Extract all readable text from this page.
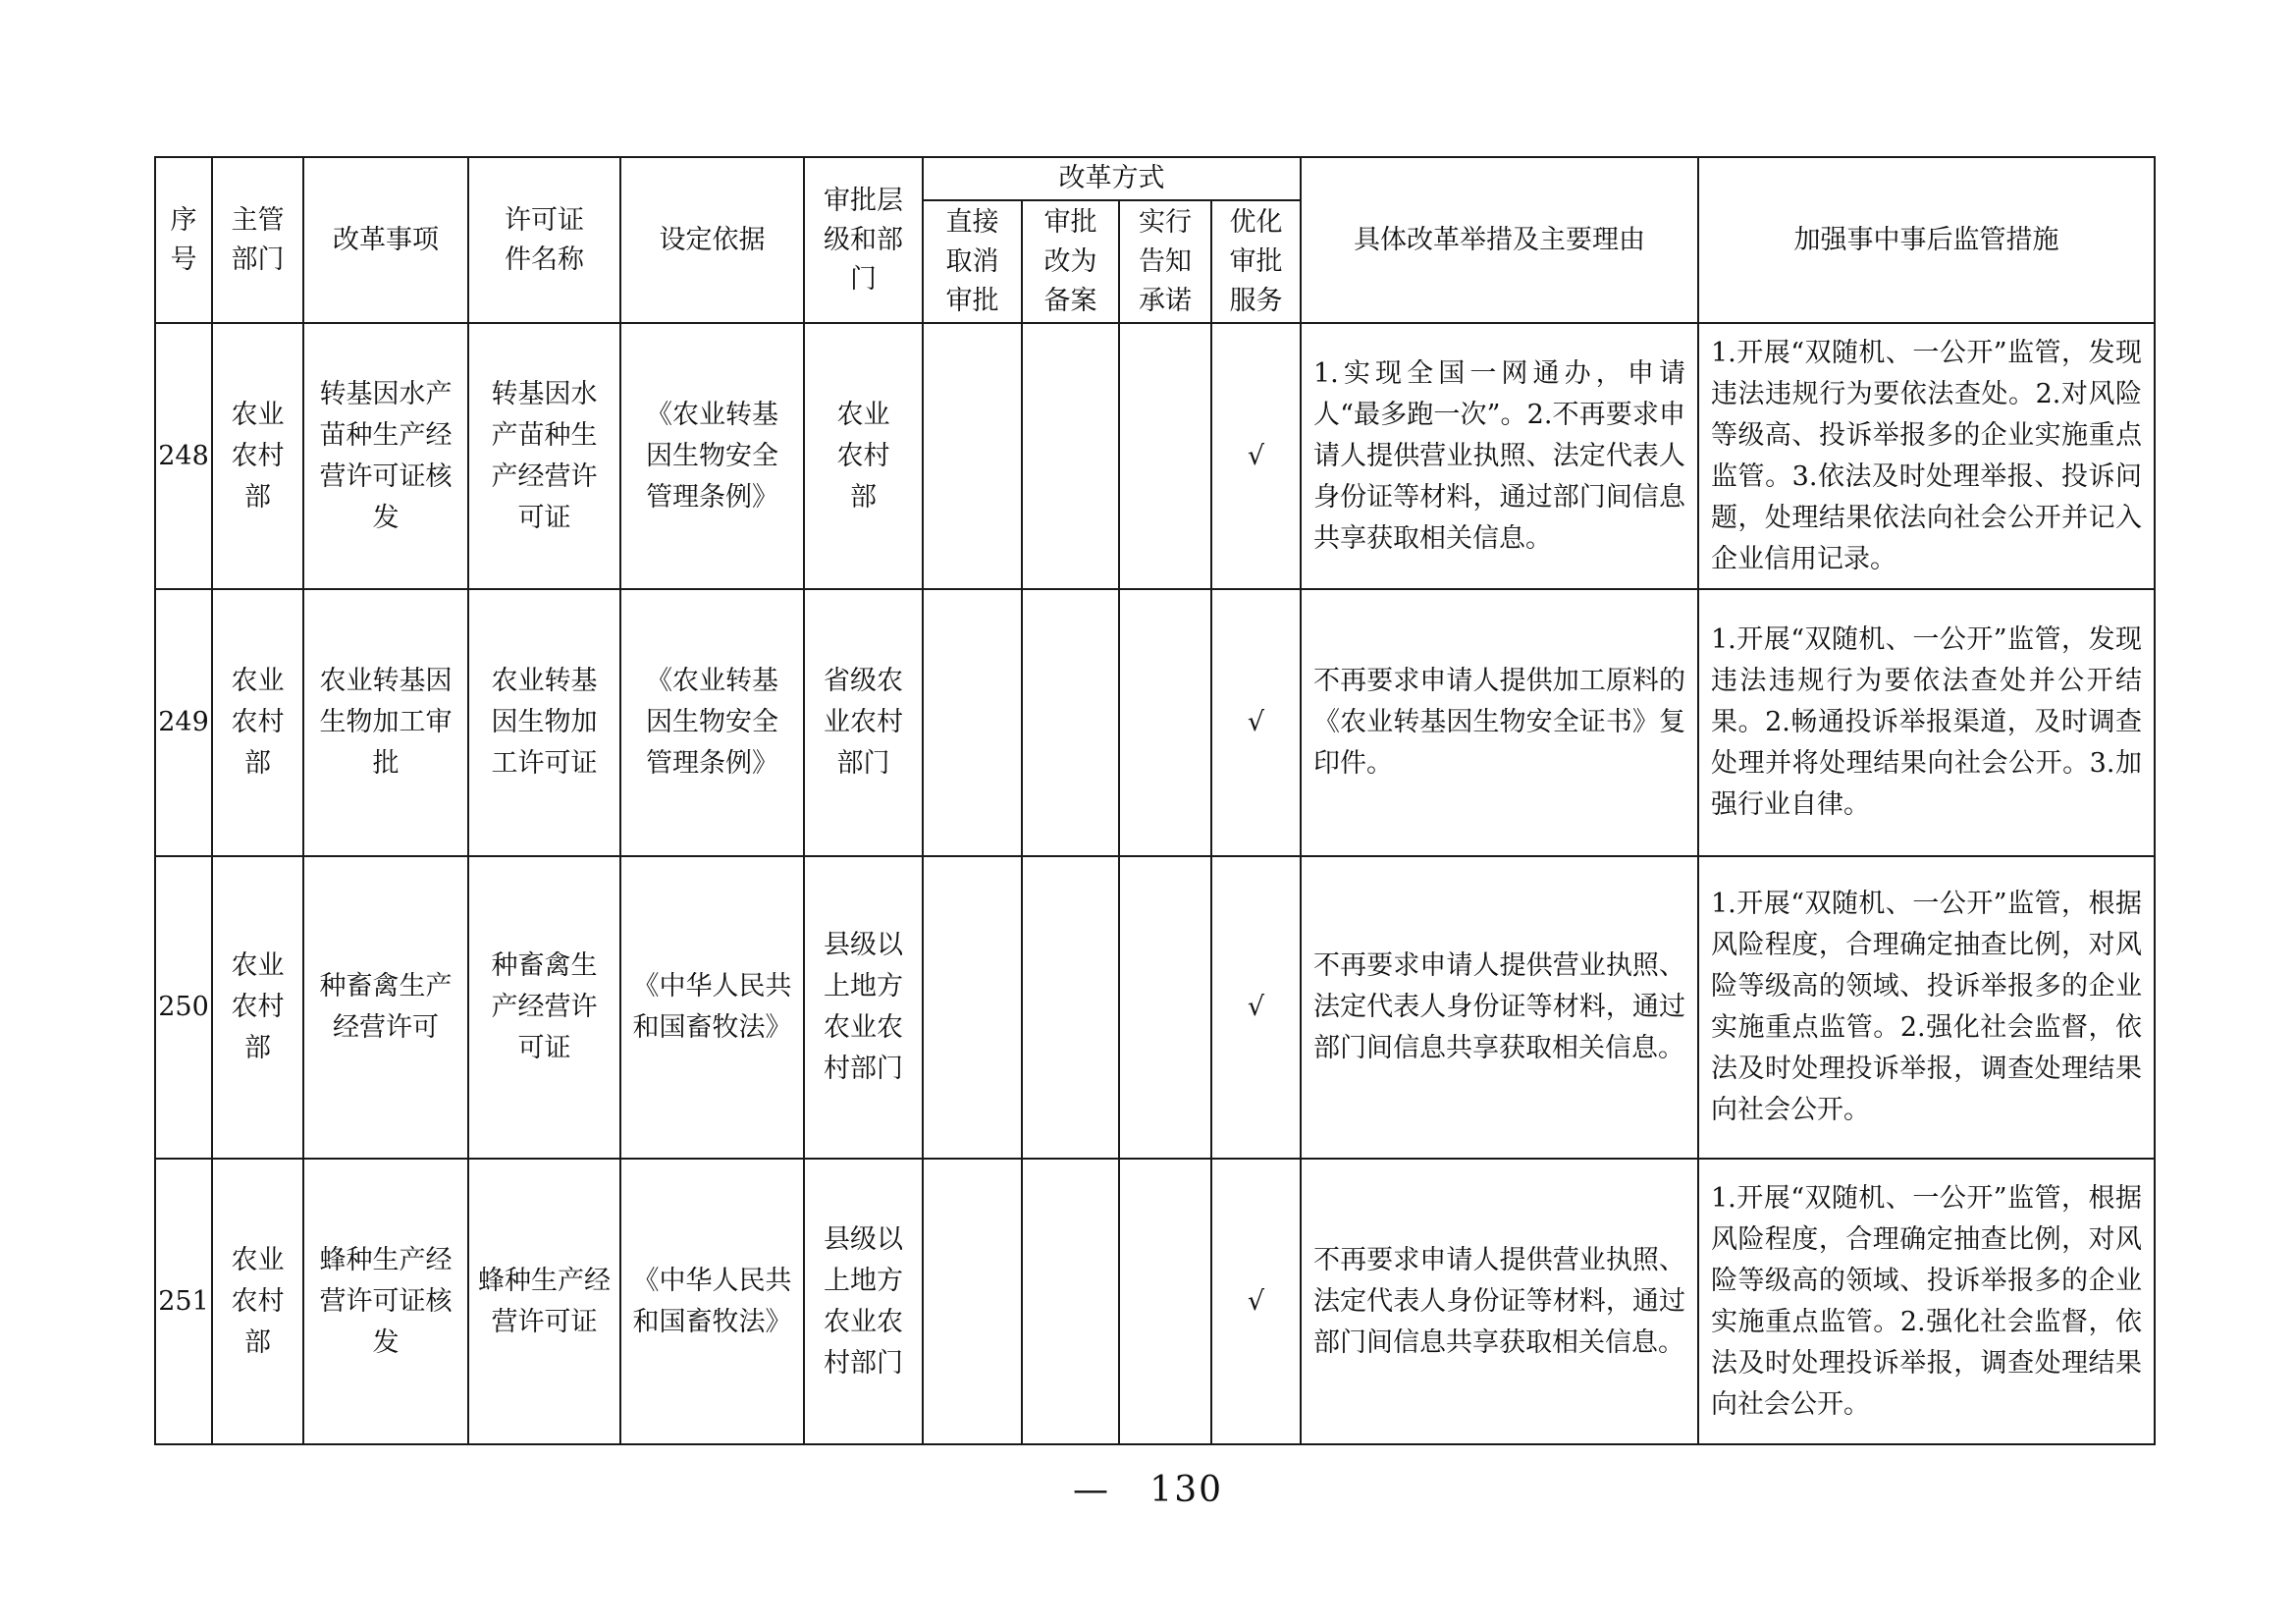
序号	主管部门	改革事项	许可证件名称	设定依据	审批层级和部门	改革方式				具体改革举措及主要理由	加强事中事后监管措施

						直接取消审批	审批改为备案	实行告知承诺	优化审批服务		

248	农业农村部	转基因水产苗种生产经营许可证核发	转基因水产苗种生产经营许可证	《农业转基因生物安全管理条例》	农业农村部				√	1.实现全国一网通办，申请人“最多跑一次”。2.不再要求申请人提供营业执照、法定代表人身份证等材料，通过部门间信息共享获取相关信息。	1.开展“双随机、一公开”监管，发现违法违规行为要依法查处。2.对风险等级高、投诉举报多的企业实施重点监管。3.依法及时处理举报、投诉问题，处理结果依法向社会公开并记入企业信用记录。

249	农业农村部	农业转基因生物加工审批	农业转基因生物加工许可证	《农业转基因生物安全管理条例》	省级农业农村部门				√	不再要求申请人提供加工原料的《农业转基因生物安全证书》复印件。	1.开展“双随机、一公开”监管，发现违法违规行为要依法查处并公开结果。2.畅通投诉举报渠道，及时调查处理并将处理结果向社会公开。3.加强行业自律。

250	农业农村部	种畜禽生产经营许可	种畜禽生产经营许可证	《中华人民共和国畜牧法》	县级以上地方农业农村部门				√	不再要求申请人提供营业执照、法定代表人身份证等材料，通过部门间信息共享获取相关信息。	1.开展“双随机、一公开”监管，根据风险程度，合理确定抽查比例，对风险等级高的领域、投诉举报多的企业实施重点监管。2.强化社会监督，依法及时处理投诉举报，调查处理结果向社会公开。

251	农业农村部	蜂种生产经营许可证核发	蜂种生产经营许可证	《中华人民共和国畜牧法》	县级以上地方农业农村部门				√	不再要求申请人提供营业执照、法定代表人身份证等材料，通过部门间信息共享获取相关信息。	1.开展“双随机、一公开”监管，根据风险程度，合理确定抽查比例，对风险等级高的领域、投诉举报多的企业实施重点监管。2.强化社会监督，依法及时处理投诉举报，调查处理结果向社会公开。
—   130
